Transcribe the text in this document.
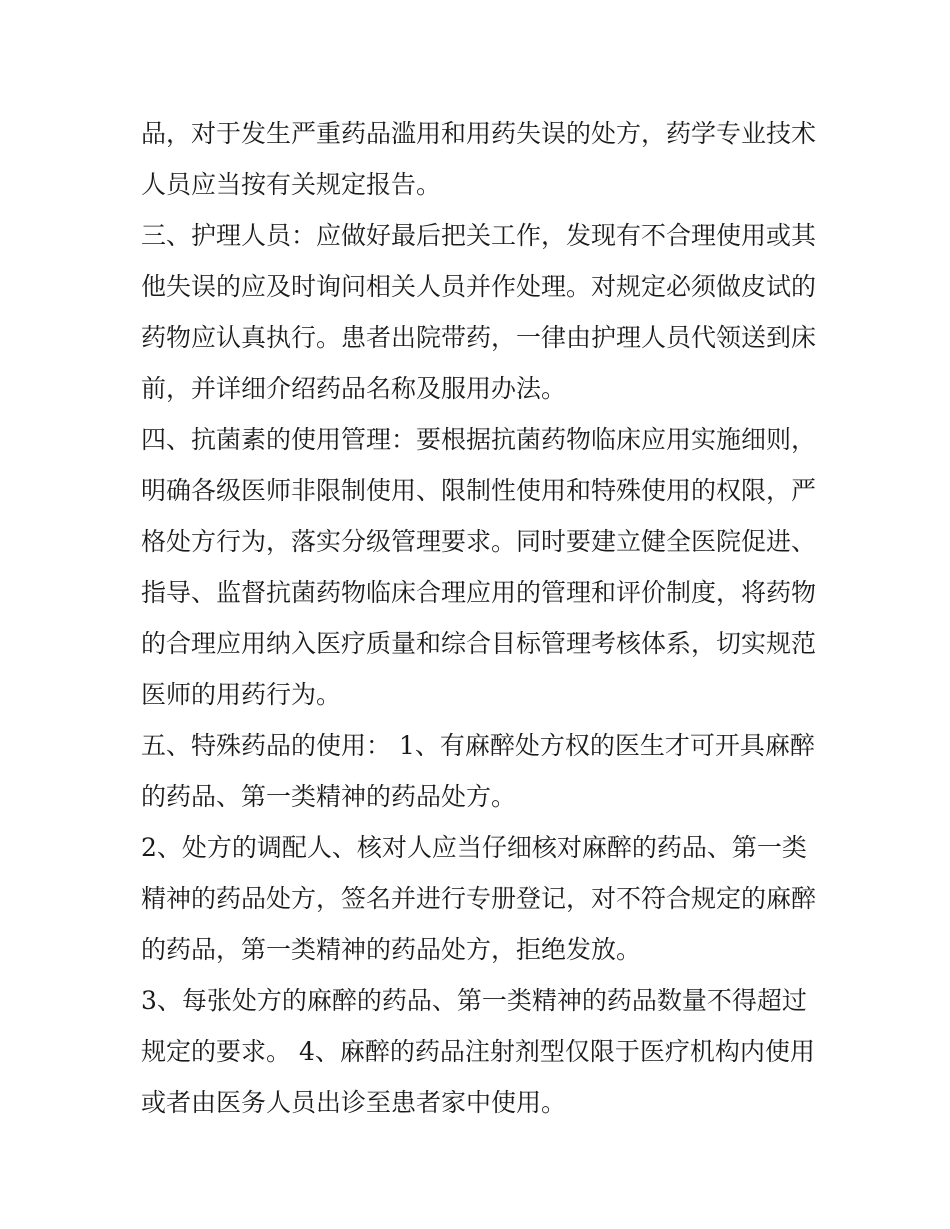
品，对于发生严重药品滥用和用药失误的处方，药学专业技术
人员应当按有关规定报告。
三、护理人员：应做好最后把关工作，发现有不合理使用或其
他失误的应及时询问相关人员并作处理。对规定必须做皮试的
药物应认真执行。患者出院带药，一律由护理人员代领送到床
前，并详细介绍药品名称及服用办法。
四、抗菌素的使用管理：要根据抗菌药物临床应用实施细则，
明确各级医师非限制使用、限制性使用和特殊使用的权限，严
格处方行为，落实分级管理要求。同时要建立健全医院促进、
指导、监督抗菌药物临床合理应用的管理和评价制度，将药物
的合理应用纳入医疗质量和综合目标管理考核体系，切实规范
医师的用药行为。
五、特殊药品的使用： 1、有麻醉处方权的医生才可开具麻醉
的药品、第一类精神的药品处方。
2、处方的调配人、核对人应当仔细核对麻醉的药品、第一类
精神的药品处方，签名并进行专册登记，对不符合规定的麻醉
的药品，第一类精神的药品处方，拒绝发放。
3、每张处方的麻醉的药品、第一类精神的药品数量不得超过
规定的要求。 4、麻醉的药品注射剂型仅限于医疗机构内使用
或者由医务人员出诊至患者家中使用。
